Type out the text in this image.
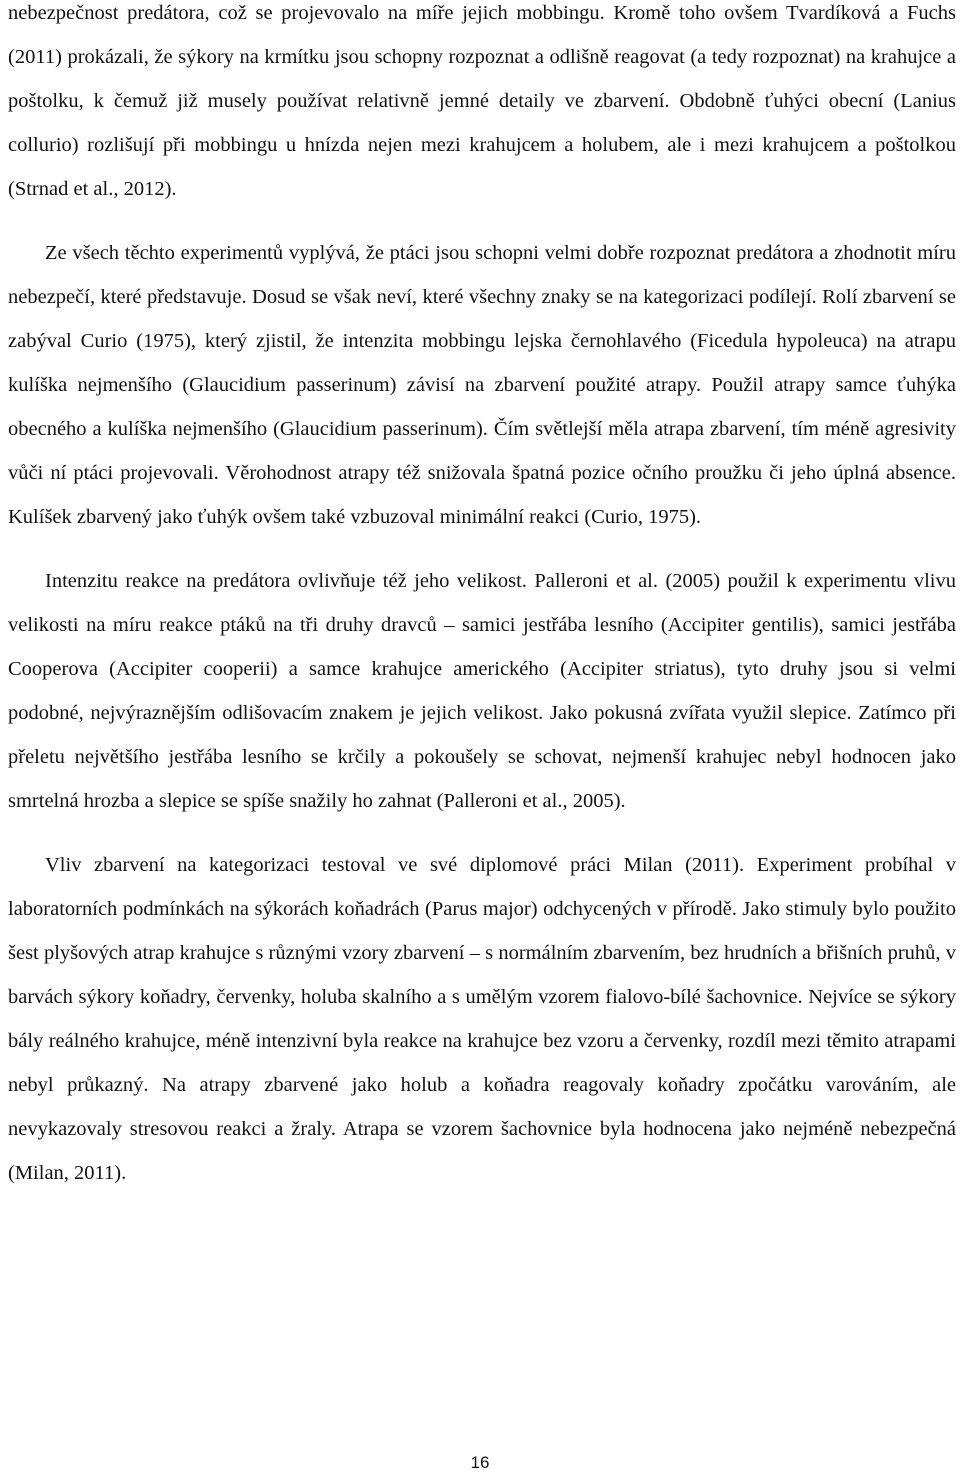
nebezpečnost predátora, což se projevovalo na míře jejich mobbingu. Kromě toho ovšem Tvardíková a Fuchs (2011) prokázali, že sýkory na krmítku jsou schopny rozpoznat a odlišně reagovat (a tedy rozpoznat) na krahujce a poštolku, k čemuž již musely používat relativně jemné detaily ve zbarvení. Obdobně ťuhýci obecní (Lanius collurio) rozlišují při mobbingu u hnízda nejen mezi krahujcem a holubem, ale i mezi krahujcem a poštolkou (Strnad et al., 2012).

Ze všech těchto experimentů vyplývá, že ptáci jsou schopni velmi dobře rozpoznat predátora a zhodnotit míru nebezpečí, které představuje. Dosud se však neví, které všechny znaky se na kategorizaci podílejí. Rolí zbarvení se zabýval Curio (1975), který zjistil, že intenzita mobbingu lejska černohlavého (Ficedula hypoleuca) na atrapu kulíška nejmenšího (Glaucidium passerinum) závisí na zbarvení použité atrapy. Použil atrapy samce ťuhýka obecného a kulíška nejmenšího (Glaucidium passerinum). Čím světlejší měla atrapa zbarvení, tím méně agresivity vůči ní ptáci projevovali. Věrohodnost atrapy též snižovala špatná pozice očního proužku či jeho úplná absence. Kulíšek zbarvený jako ťuhýk ovšem také vzbuzoval minimální reakci (Curio, 1975).

Intenzitu reakce na predátora ovlivňuje též jeho velikost. Palleroni et al. (2005) použil k experimentu vlivu velikosti na míru reakce ptáků na tři druhy dravců – samici jestřába lesního (Accipiter gentilis), samici jestřába Cooperova (Accipiter cooperii) a samce krahujce amerického (Accipiter striatus), tyto druhy jsou si velmi podobné, nejvýraznějším odlišovacím znakem je jejich velikost. Jako pokusná zvířata využil slepice. Zatímco při přeletu největšího jestřába lesního se krčily a pokoušely se schovat, nejmenší krahujec nebyl hodnocen jako smrtelná hrozba a slepice se spíše snažily ho zahnat (Palleroni et al., 2005).

Vliv zbarvení na kategorizaci testoval ve své diplomové práci Milan (2011). Experiment probíhal v laboratorních podmínkách na sýkorách koňadrách (Parus major) odchycených v přírodě. Jako stimuly bylo použito šest plyšových atrap krahujce s různými vzory zbarvení – s normálním zbarvením, bez hrudních a břišních pruhů, v barvách sýkory koňadry, červenky, holuba skalního a s umělým vzorem fialovo-bílé šachovnice. Nejvíce se sýkory bály reálného krahujce, méně intenzivní byla reakce na krahujce bez vzoru a červenky, rozdíl mezi těmito atrapami nebyl průkazný. Na atrapy zbarvené jako holub a koňadra reagovaly koňadry zpočátku varováním, ale nevykazovaly stresovou reakci a žraly. Atrapa se vzorem šachovnice byla hodnocena jako nejméně nebezpečná (Milan, 2011).

16
